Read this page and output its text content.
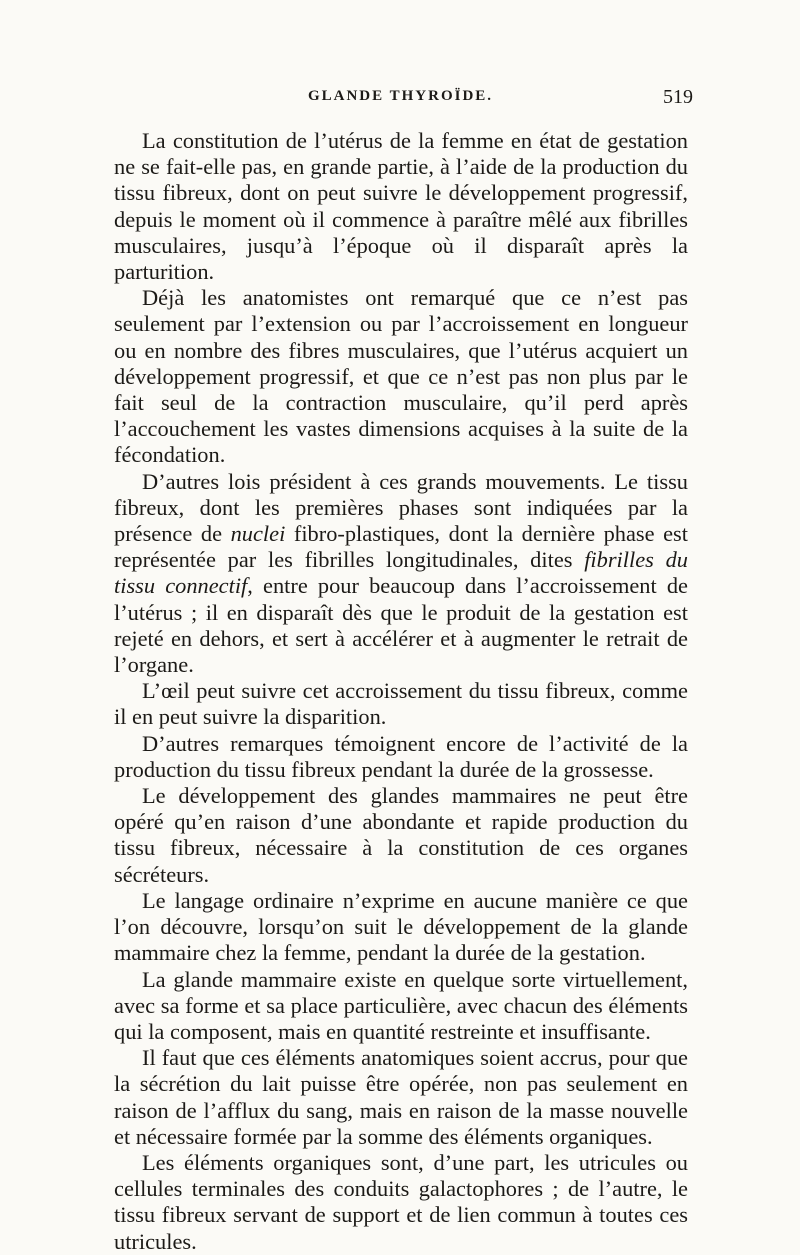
GLANDE THYROÏDE.	519

La constitution de l’utérus de la femme en état de gestation ne se fait-elle pas, en grande partie, à l’aide de la production du tissu fibreux, dont on peut suivre le développement progressif, depuis le moment où il commence à paraître mêlé aux fibrilles musculaires, jusqu’à l’époque où il disparaît après la parturition.

Déjà les anatomistes ont remarqué que ce n’est pas seulement par l’extension ou par l’accroissement en longueur ou en nombre des fibres musculaires, que l’utérus acquiert un développement progressif, et que ce n’est pas non plus par le fait seul de la contraction musculaire, qu’il perd après l’accouchement les vastes dimensions acquises à la suite de la fécondation.

D’autres lois président à ces grands mouvements. Le tissu fibreux, dont les premières phases sont indiquées par la présence de nuclei fibro-plastiques, dont la dernière phase est représentée par les fibrilles longitudinales, dites fibrilles du tissu connectif, entre pour beaucoup dans l’accroissement de l’utérus ; il en disparaît dès que le produit de la gestation est rejeté en dehors, et sert à accélérer et à augmenter le retrait de l’organe.

L’œil peut suivre cet accroissement du tissu fibreux, comme il en peut suivre la disparition.

D’autres remarques témoignent encore de l’activité de la production du tissu fibreux pendant la durée de la grossesse.

Le développement des glandes mammaires ne peut être opéré qu’en raison d’une abondante et rapide production du tissu fibreux, nécessaire à la constitution de ces organes sécréteurs.

Le langage ordinaire n’exprime en aucune manière ce que l’on découvre, lorsqu’on suit le développement de la glande mammaire chez la femme, pendant la durée de la gestation.

La glande mammaire existe en quelque sorte virtuellement, avec sa forme et sa place particulière, avec chacun des éléments qui la composent, mais en quantité restreinte et insuffisante.

Il faut que ces éléments anatomiques soient accrus, pour que la sécrétion du lait puisse être opérée, non pas seulement en raison de l’afflux du sang, mais en raison de la masse nouvelle et nécessaire formée par la somme des éléments organiques.

Les éléments organiques sont, d’une part, les utricules ou cellules terminales des conduits galactophores ; de l’autre, le tissu fibreux servant de support et de lien commun à toutes ces utricules.
